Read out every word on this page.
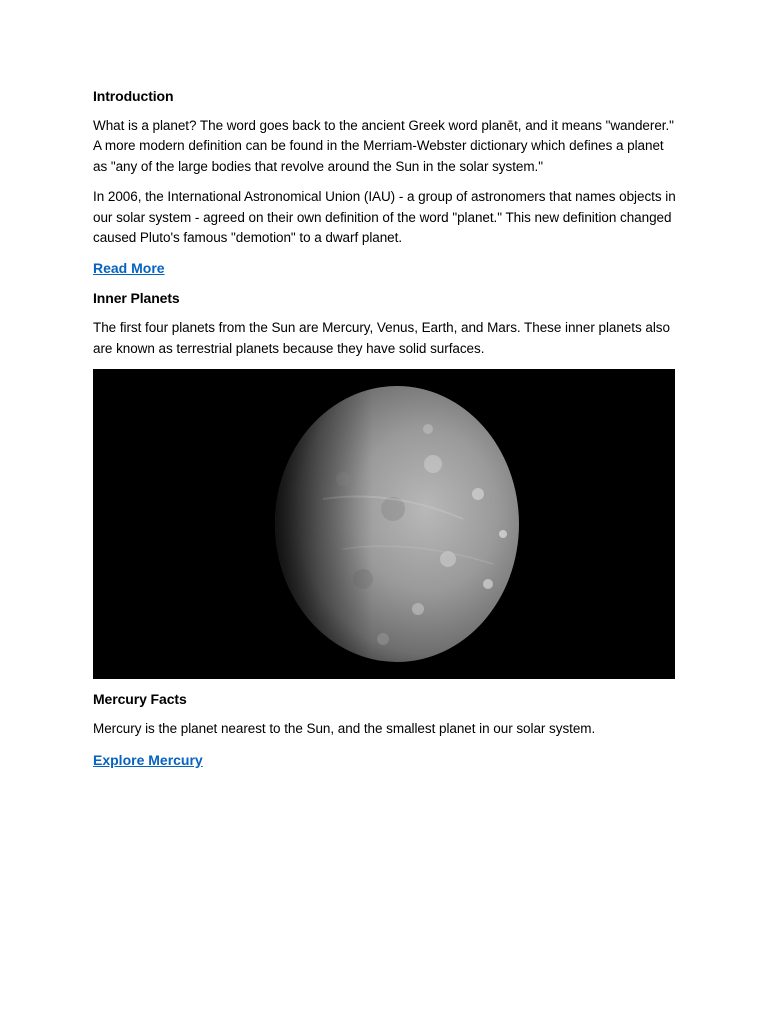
Introduction

What is a planet? The word goes back to the ancient Greek word planēt, and it means "wanderer." A more modern definition can be found in the Merriam-Webster dictionary which defines a planet as "any of the large bodies that revolve around the Sun in the solar system."

In 2006, the International Astronomical Union (IAU) - a group of astronomers that names objects in our solar system - agreed on their own definition of the word "planet." This new definition changed caused Pluto's famous "demotion" to a dwarf planet.

Read More
Inner Planets

The first four planets from the Sun are Mercury, Venus, Earth, and Mars. These inner planets also are known as terrestrial planets because they have solid surfaces.

Mercury Facts

Mercury is the planet nearest to the Sun, and the smallest planet in our solar system.

Explore Mercury
